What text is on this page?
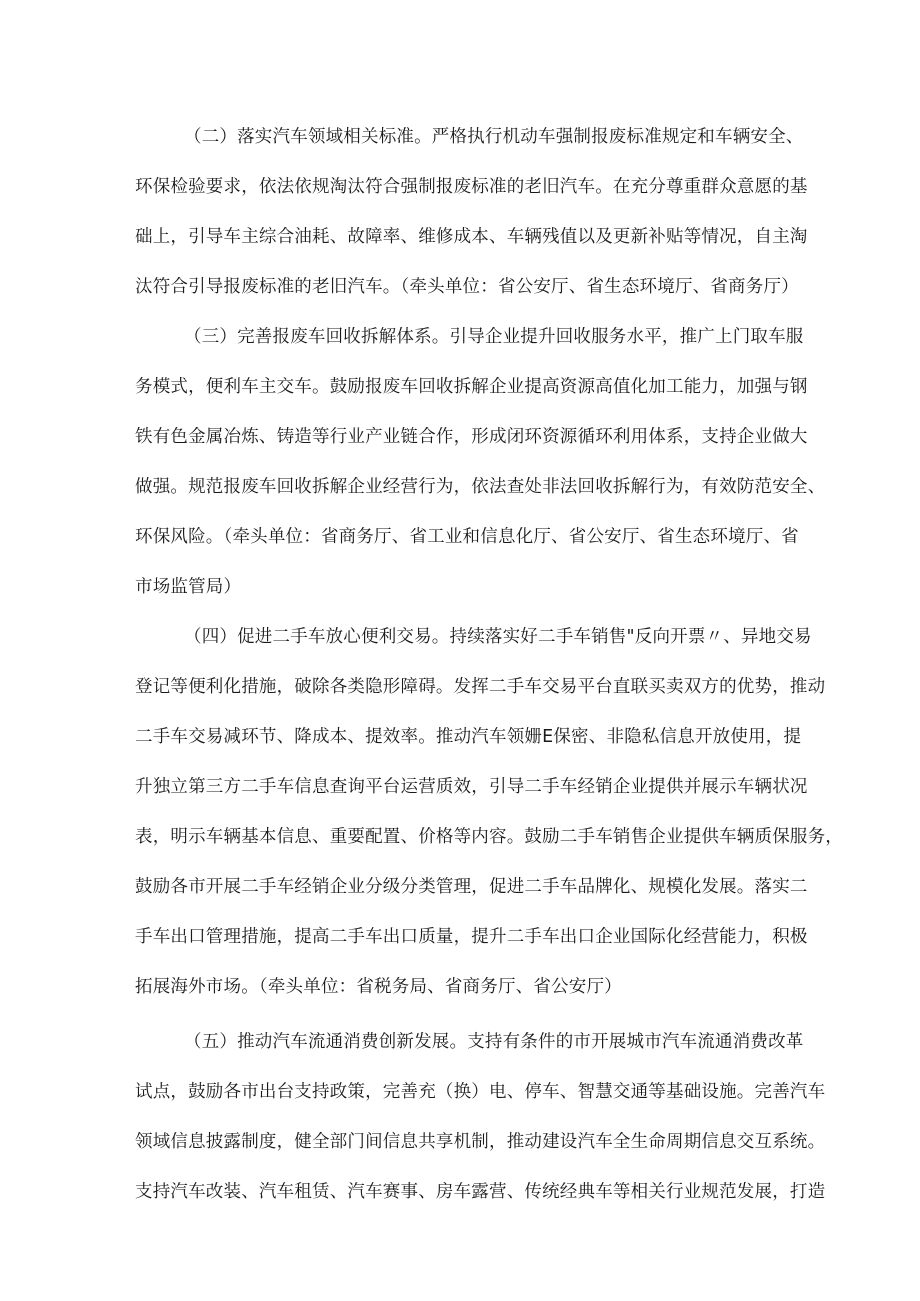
（二）落实汽车领域相关标准。严格执行机动车强制报废标准规定和车辆安全、
环保检验要求，依法依规淘汰符合强制报废标准的老旧汽车。在充分尊重群众意愿的基
础上，引导车主综合油耗、故障率、维修成本、车辆残值以及更新补贴等情况，自主淘
汰符合引导报废标准的老旧汽车。（牵头单位：省公安厅、省生态环境厅、省商务厅）
（三）完善报废车回收拆解体系。引导企业提升回收服务水平，推广上门取车服
务模式，便利车主交车。鼓励报废车回收拆解企业提高资源高值化加工能力，加强与钢
铁有色金属冶炼、铸造等行业产业链合作，形成闭环资源循环利用体系，支持企业做大
做强。规范报废车回收拆解企业经营行为，依法查处非法回收拆解行为，有效防范安全、
环保风险。（牵头单位：省商务厅、省工业和信息化厅、省公安厅、省生态环境厅、省
市场监管局）
（四）促进二手车放心便利交易。持续落实好二手车销售"反向开票〃、异地交易
登记等便利化措施，破除各类隐形障碍。发挥二手车交易平台直联买卖双方的优势，推动
二手车交易减环节、降成本、提效率。推动汽车领姗E保密、非隐私信息开放使用，提
升独立第三方二手车信息查询平台运营质效，引导二手车经销企业提供并展示车辆状况
表，明示车辆基本信息、重要配置、价格等内容。鼓励二手车销售企业提供车辆质保服务，
鼓励各市开展二手车经销企业分级分类管理，促进二手车品牌化、规模化发展。落实二
手车出口管理措施，提高二手车出口质量，提升二手车出口企业国际化经营能力，积极
拓展海外市场。（牵头单位：省税务局、省商务厅、省公安厅）
（五）推动汽车流通消费创新发展。支持有条件的市开展城市汽车流通消费改革
试点，鼓励各市出台支持政策，完善充（换）电、停车、智慧交通等基础设施。完善汽车
领域信息披露制度，健全部门间信息共享机制，推动建设汽车全生命周期信息交互系统。
支持汽车改装、汽车租赁、汽车赛事、房车露营、传统经典车等相关行业规范发展，打造
